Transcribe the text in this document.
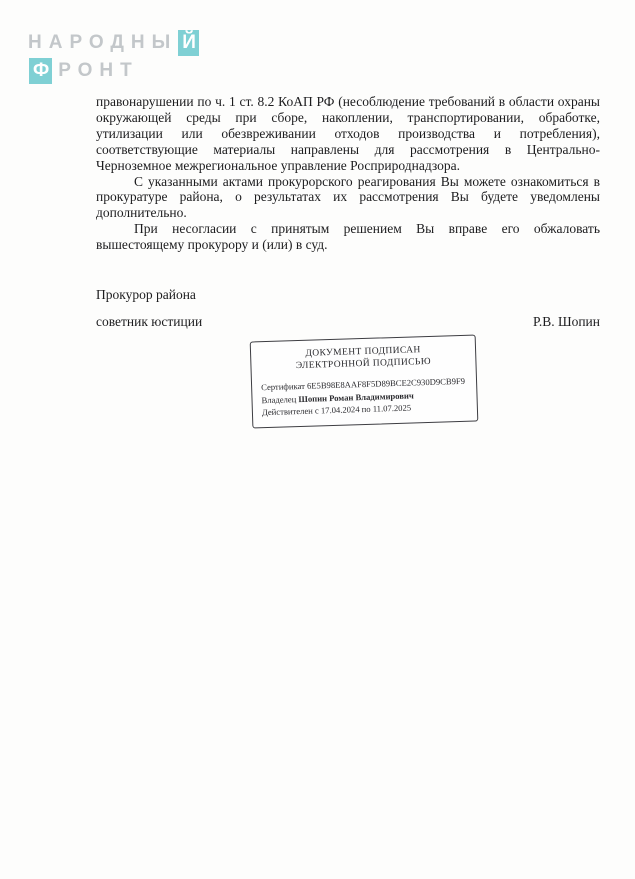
НАРОДНЫ Й
Ф РОНТ

правонарушении по ч. 1 ст. 8.2 КоАП РФ (несоблюдение требований в области охраны окружающей среды при сборе, накоплении, транспортировании, обработке, утилизации или обезвреживании отходов производства и потребления), соответствующие материалы направлены для рассмотрения в Центрально-Черноземное межрегиональное управление Росприроднадзора.

С указанными актами прокурорского реагирования Вы можете ознакомиться в прокуратуре района, о результатах их рассмотрения Вы будете уведомлены дополнительно.

При несогласии с принятым решением Вы вправе его обжаловать вышестоящему прокурору и (или) в суд.

Прокурор района
советник юстиции	Р.В. Шопин
ДОКУМЕНТ ПОДПИСАН
ЭЛЕКТРОННОЙ ПОДПИСЬЮ
Сертификат 6E5B98E8AAF8F5D89BCE2C930D9CB9F9
Владелец Шопин Роман Владимирович
Действителен с 17.04.2024 по 11.07.2025
